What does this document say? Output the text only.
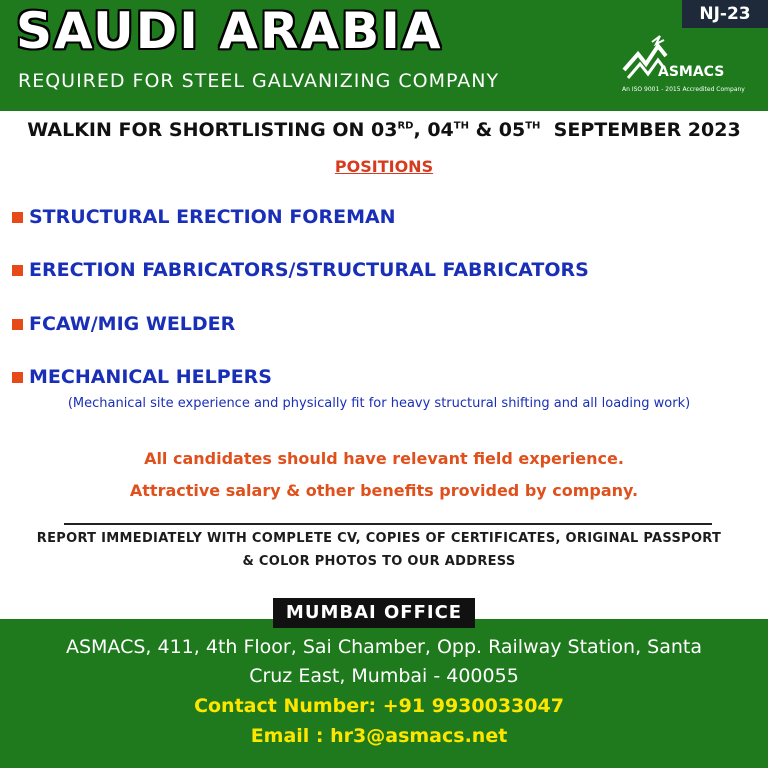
SAUDI ARABIA
REQUIRED FOR STEEL GALVANIZING COMPANY
NJ-23
ASMACS
An ISO 9001 - 2015 Accredited Company
WALKIN FOR SHORTLISTING ON 03RD, 04TH & 05TH  SEPTEMBER 2023
POSITIONS
STRUCTURAL ERECTION FOREMAN
ERECTION FABRICATORS/STRUCTURAL FABRICATORS
FCAW/MIG WELDER
MECHANICAL HELPERS
(Mechanical site experience and physically fit for heavy structural shifting and all loading work)
All candidates should have relevant field experience.
Attractive salary & other benefits provided by company.
REPORT IMMEDIATELY WITH COMPLETE CV, COPIES OF CERTIFICATES, ORIGINAL PASSPORT
& COLOR PHOTOS TO OUR ADDRESS
MUMBAI OFFICE
ASMACS, 411, 4th Floor, Sai Chamber, Opp. Railway Station, Santa
Cruz East, Mumbai - 400055
Contact Number: +91 9930033047
Email : hr3@asmacs.net
